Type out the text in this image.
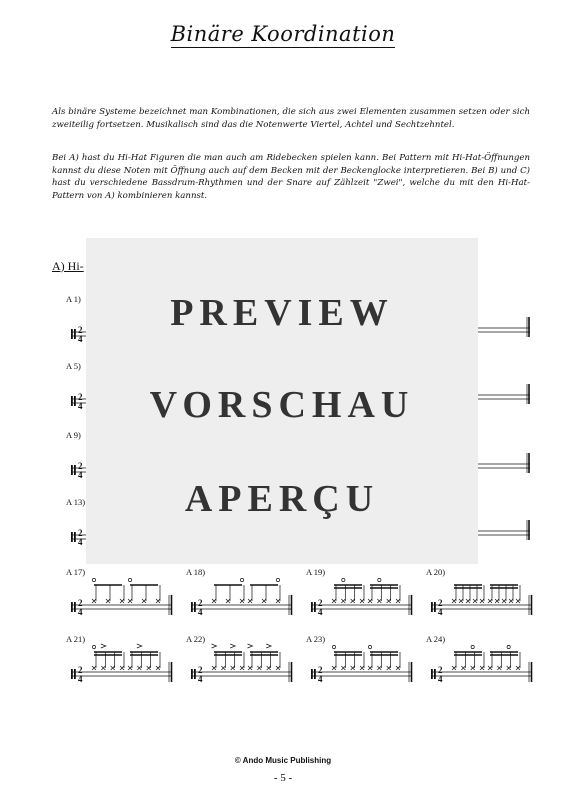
Binäre Koordination

Als binäre Systeme bezeichnet man Kombinationen, die sich aus zwei Elementen zusammen setzen oder sich zweiteilig fortsetzen. Musikalisch sind das die Notenwerte Viertel, Achtel und Sechtzehntel.

Bei A) hast du Hi-Hat Figuren die man auch am Ridebecken spielen kann. Bei Pattern mit Hi-Hat-Öffnungen kannst du diese Noten mit Öffnung auch auf dem Becken mit der Beckenglocke interpretieren. Bei B) und C) hast du verschiedene Bassdrum-Rhythmen und der Snare auf Zählzeit "Zwei", welche du mit den Hi-Hat-Pattern von A) kombinieren kannst.

A) Hi-
A 1)
2
4
A 5)
2
4
A 9)
2
4
A 13)
2
4
A 17)
2
4
A 18)
2
4
A 19)
2
4
A 20)
2
4
A 21)
2
4
A 22)
2
4
A 23)
2
4
A 24)
2
4
PREVIEW
VORSCHAU
APERÇU
© Ando Music Publishing
- 5 -
